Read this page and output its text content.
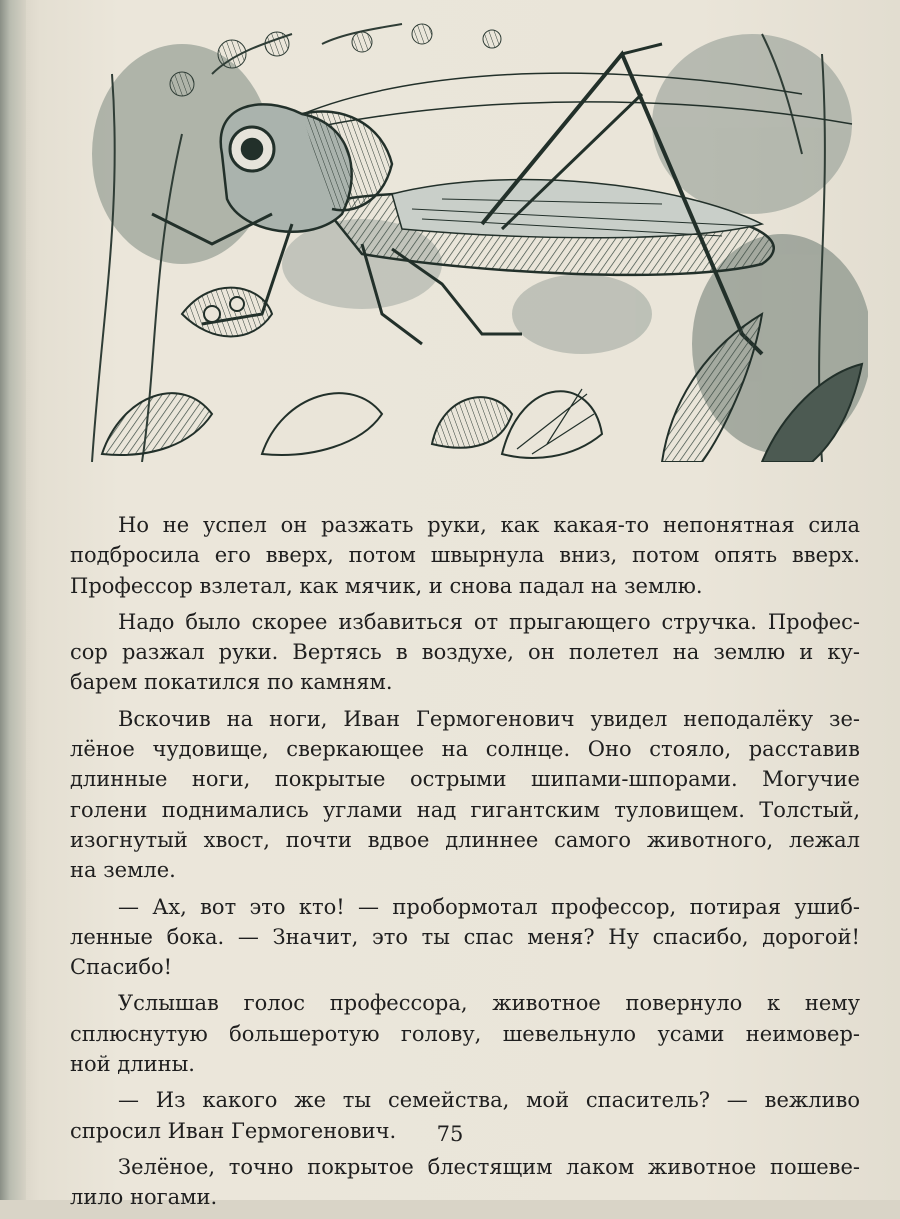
Но не успел он разжать руки, как какая-то непонятная сила
подбросила его вверх, потом швырнула вниз, потом опять вверх.
Профессор взлетал, как мячик, и снова падал на землю.

Надо было скорее избавиться от прыгающего стручка. Профес-
сор разжал руки. Вертясь в воздухе, он полетел на землю и ку-
барем покатился по камням.

Вскочив на ноги, Иван Гермогенович увидел неподалёку зе-
лёное чудовище, сверкающее на солнце. Оно стояло, расставив
длинные ноги, покрытые острыми шипами-шпорами. Могучие
голени поднимались углами над гигантским туловищем. Толстый,
изогнутый хвост, почти вдвое длиннее самого животного, лежал
на земле.

— Ах, вот это кто! — пробормотал профессор, потирая ушиб-
ленные бока. — Значит, это ты спас меня? Ну спасибо, дорогой!
Спасибо!

Услышав голос профессора, животное повернуло к нему
сплюснутую большеротую голову, шевельнуло усами неимовер-
ной длины.

— Из какого же ты семейства, мой спаситель? — вежливо
спросил Иван Гермогенович.

Зелёное, точно покрытое блестящим лаком животное пошеве-
лило ногами.

75
